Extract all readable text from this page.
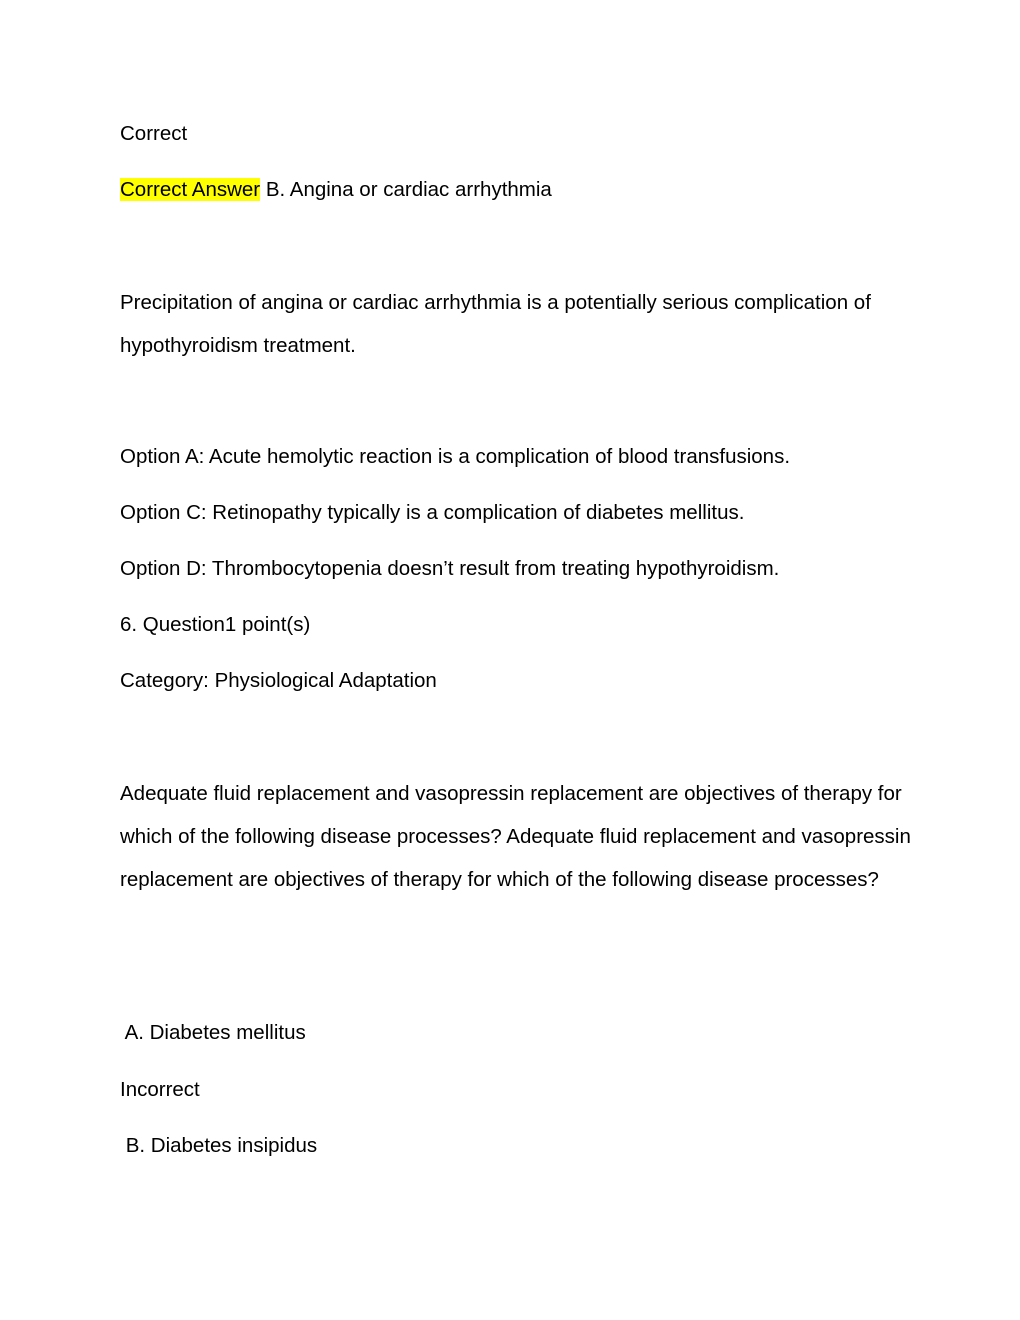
Correct
Correct Answer B. Angina or cardiac arrhythmia
Precipitation of angina or cardiac arrhythmia is a potentially serious complication of hypothyroidism treatment.
Option A: Acute hemolytic reaction is a complication of blood transfusions.
Option C: Retinopathy typically is a complication of diabetes mellitus.
Option D: Thrombocytopenia doesn’t result from treating hypothyroidism.
6. Question1 point(s)
Category: Physiological Adaptation
Adequate fluid replacement and vasopressin replacement are objectives of therapy for which of the following disease processes? Adequate fluid replacement and vasopressin replacement are objectives of therapy for which of the following disease processes?
A. Diabetes mellitus
Incorrect
B. Diabetes insipidus
